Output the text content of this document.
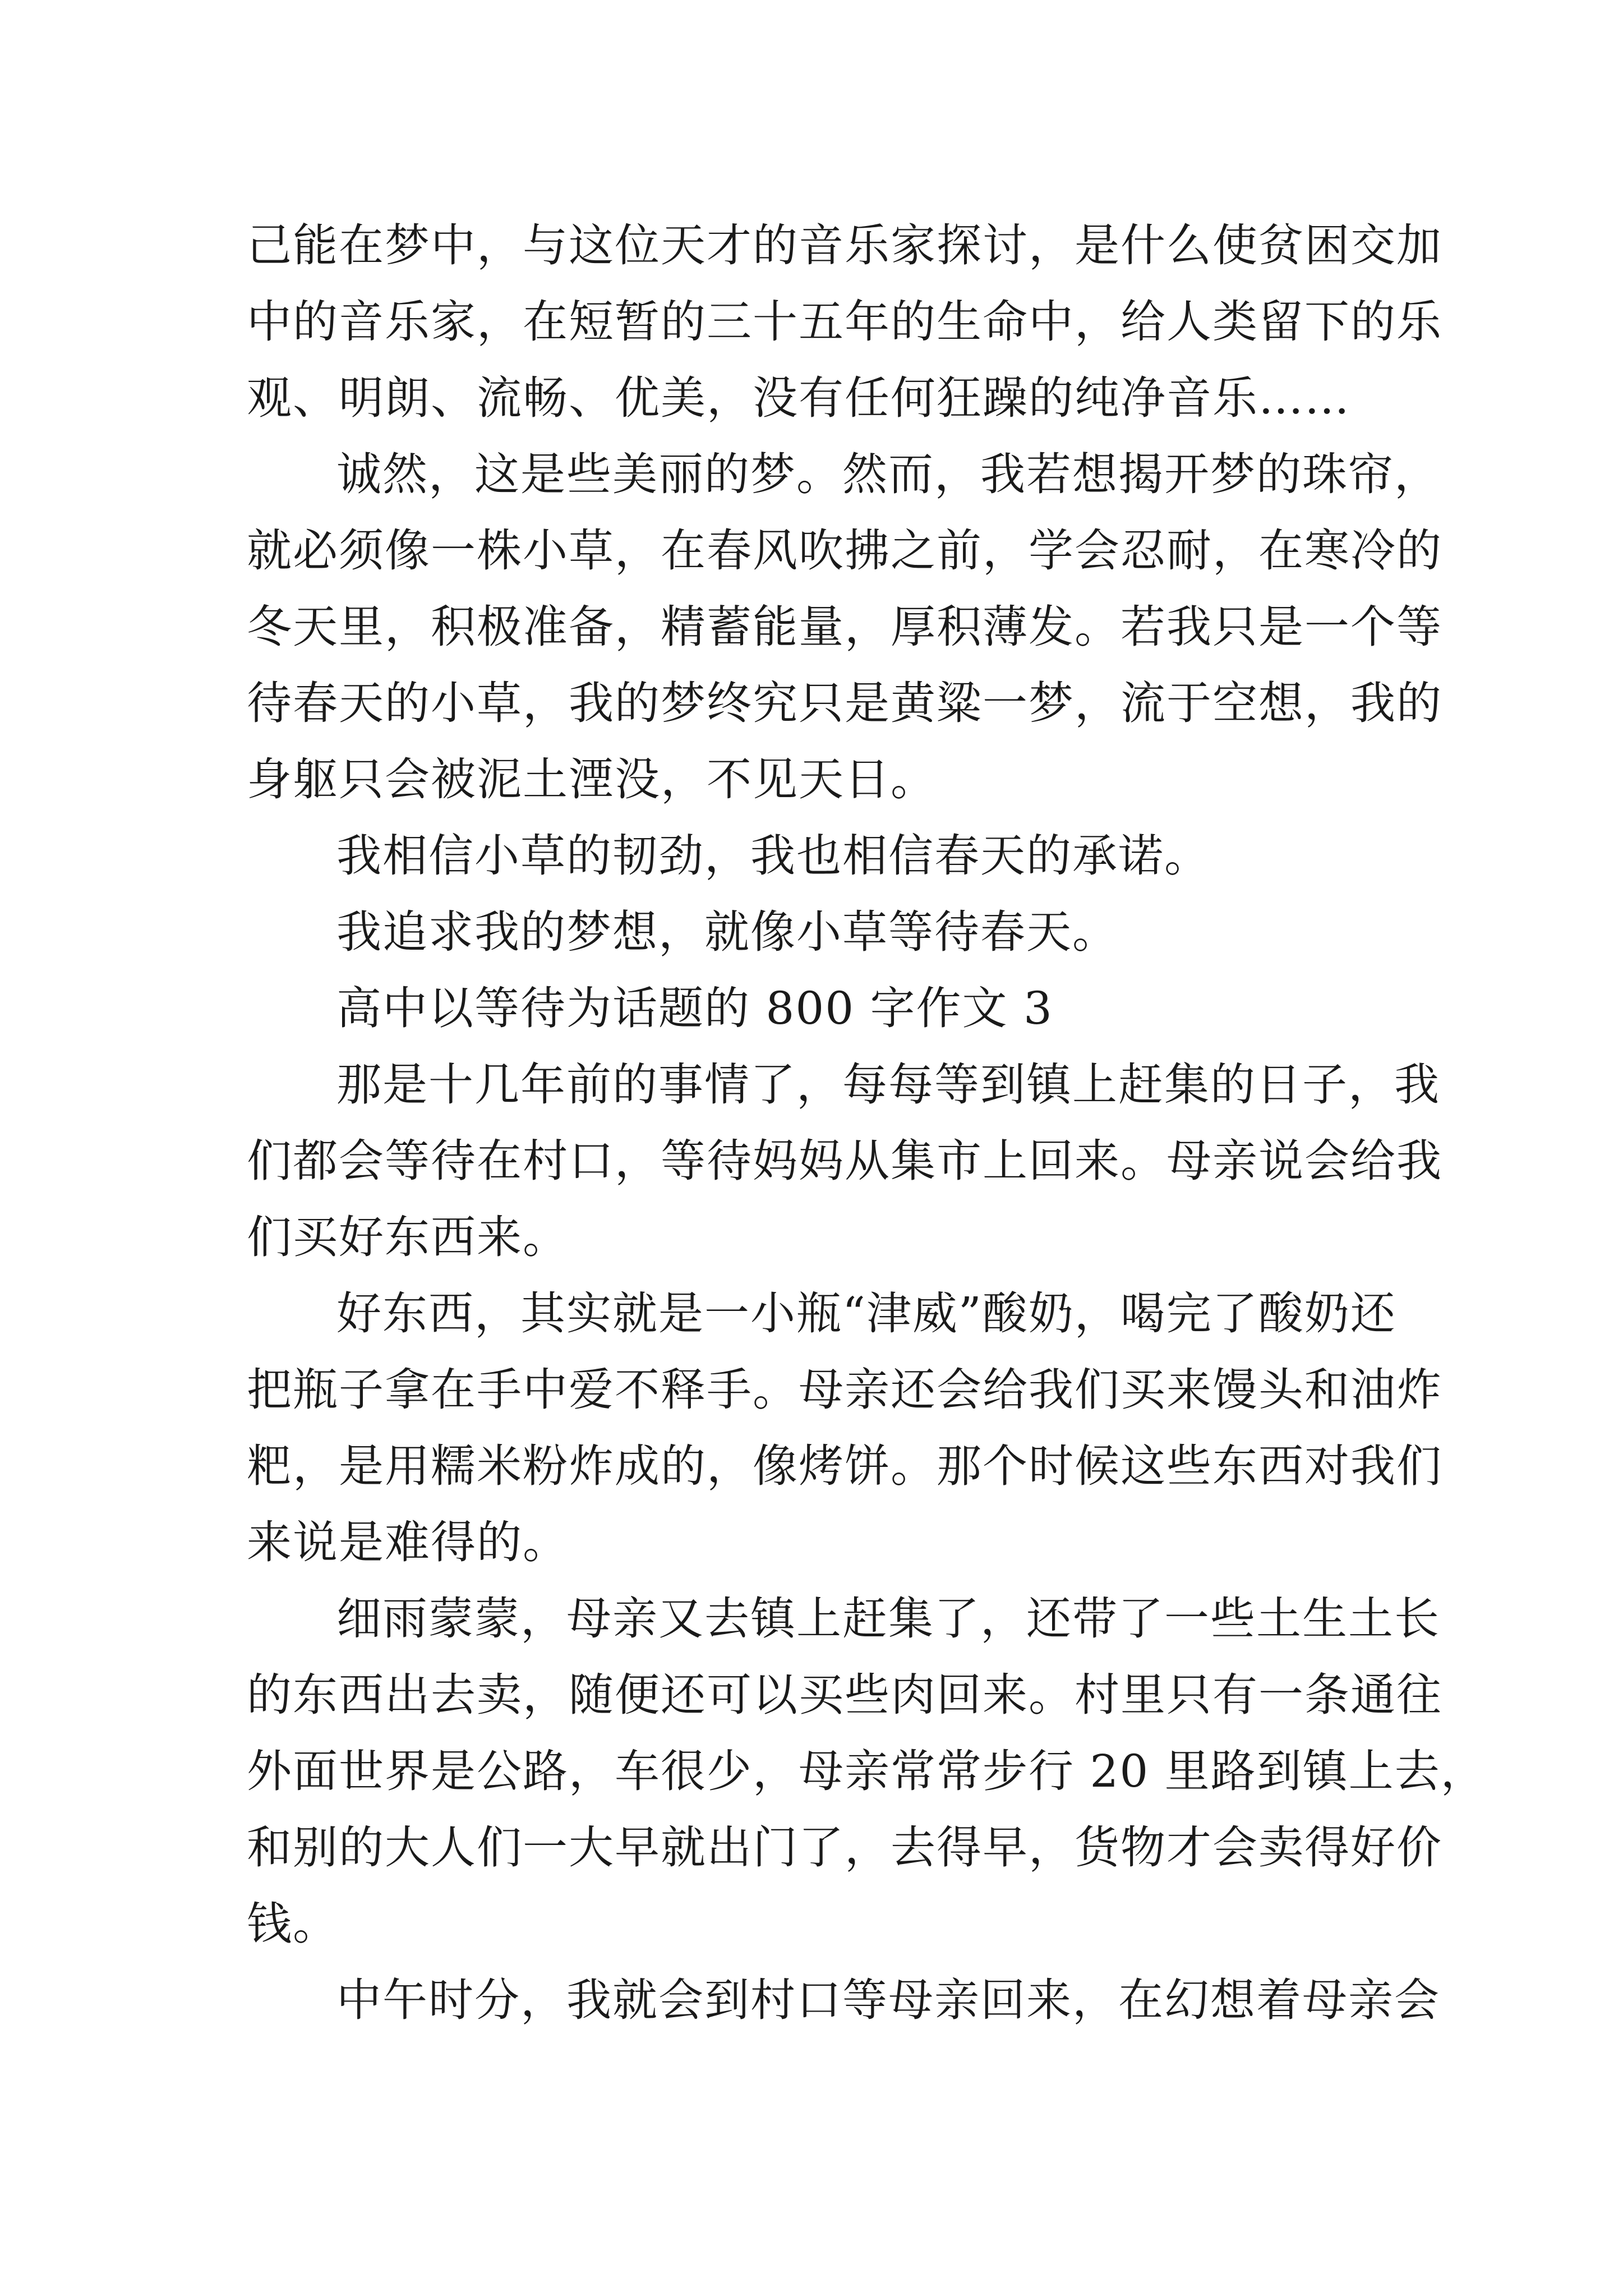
己能在梦中，与这位天才的音乐家探讨，是什么使贫困交加
中的音乐家，在短暂的三十五年的生命中，给人类留下的乐
观、明朗、流畅、优美，没有任何狂躁的纯净音乐……
诚然，这是些美丽的梦。然而，我若想揭开梦的珠帘，
就必须像一株小草，在春风吹拂之前，学会忍耐，在寒冷的
冬天里，积极准备，精蓄能量，厚积薄发。若我只是一个等
待春天的小草，我的梦终究只是黄粱一梦，流于空想，我的
身躯只会被泥土湮没，不见天日。
我相信小草的韧劲，我也相信春天的承诺。
我追求我的梦想，就像小草等待春天。
高中以等待为话题的 800 字作文 3
那是十几年前的事情了，每每等到镇上赶集的日子，我
们都会等待在村口，等待妈妈从集市上回来。母亲说会给我
们买好东西来。
好东西，其实就是一小瓶“津威”酸奶，喝完了酸奶还
把瓶子拿在手中爱不释手。母亲还会给我们买来馒头和油炸
粑，是用糯米粉炸成的，像烤饼。那个时候这些东西对我们
来说是难得的。
细雨蒙蒙，母亲又去镇上赶集了，还带了一些土生土长
的东西出去卖，随便还可以买些肉回来。村里只有一条通往
外面世界是公路，车很少，母亲常常步行 20 里路到镇上去，
和别的大人们一大早就出门了，去得早，货物才会卖得好价
钱。
中午时分，我就会到村口等母亲回来，在幻想着母亲会
